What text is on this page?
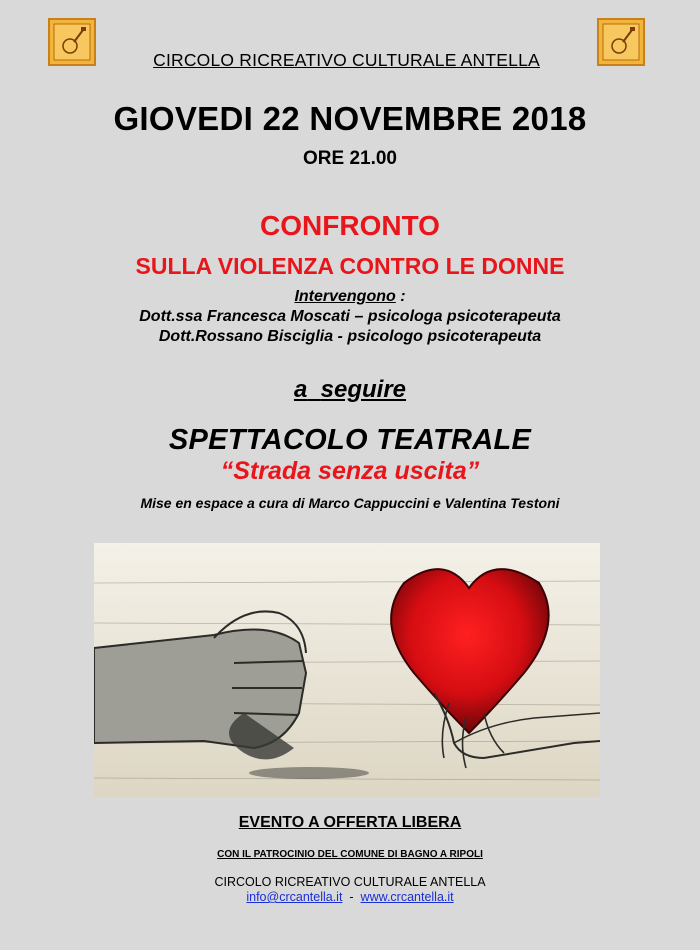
CIRCOLO RICREATIVO CULTURALE ANTELLA
GIOVEDI 22 NOVEMBRE 2018
ORE 21.00
CONFRONTO
SULLA VIOLENZA CONTRO LE DONNE
Intervengono :
Dott.ssa Francesca Moscati – psicologa psicoterapeuta
Dott.Rossano Bisciglia - psicologo psicoterapeuta
a seguire
SPETTACOLO TEATRALE
“Strada senza uscita”
Mise en espace a cura di Marco Cappuccini e Valentina Testoni
EVENTO A OFFERTA LIBERA
CON IL PATROCINIO DEL COMUNE DI BAGNO A RIPOLI
CIRCOLO RICREATIVO CULTURALE ANTELLA
info@crcantella.it - www.crcantella.it
